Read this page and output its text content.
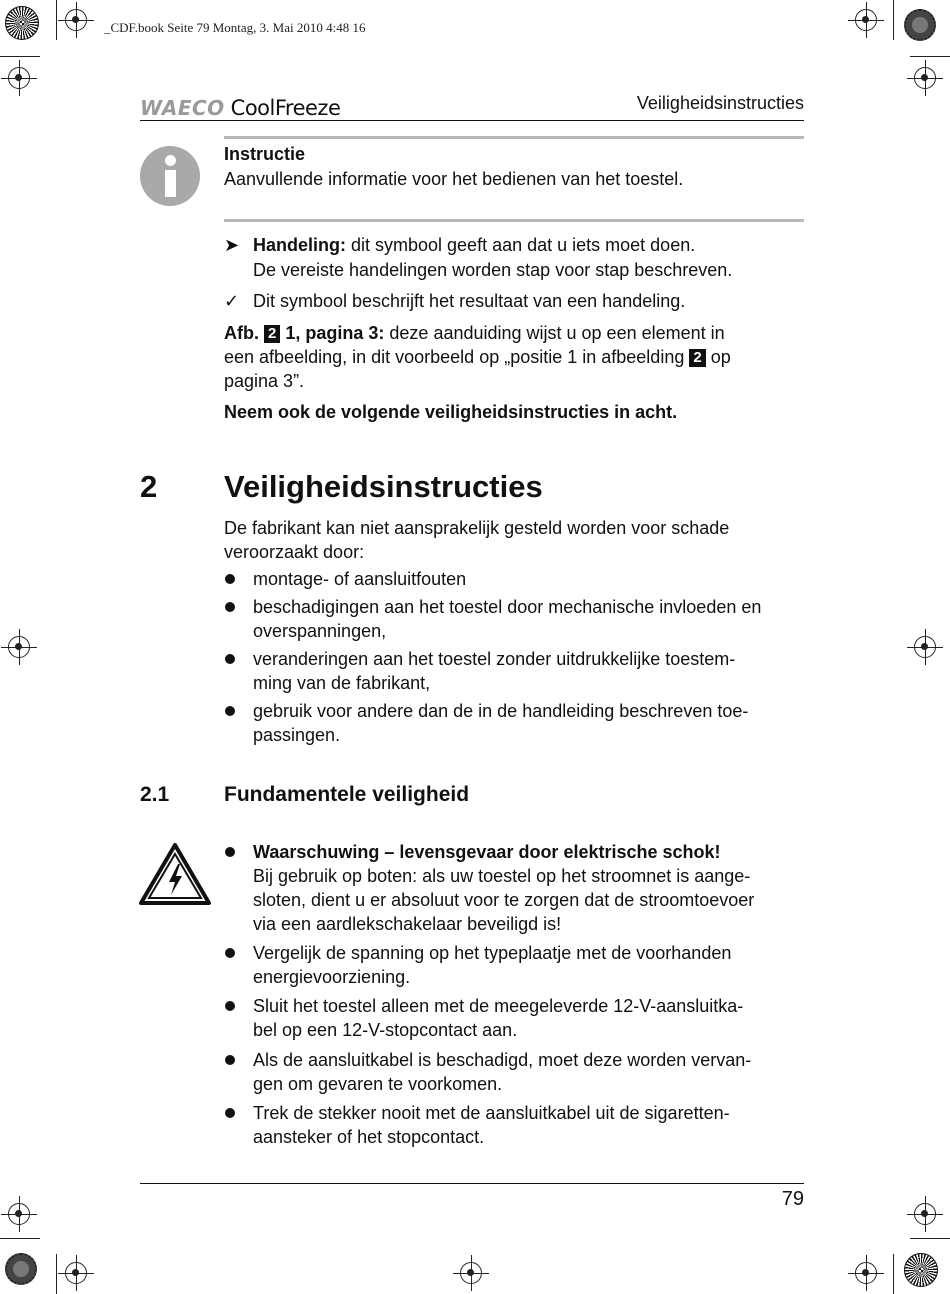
_CDF.book Seite 79 Montag, 3. Mai 2010 4:48 16
WAECO CoolFreeze	Veiligheidsinstructies
Instructie
Aanvullende informatie voor het bedienen van het toestel.
➤ Handeling: dit symbool geeft aan dat u iets moet doen.
De vereiste handelingen worden stap voor stap beschreven.
✓ Dit symbool beschrijft het resultaat van een handeling.
Afb. 2 1, pagina 3: deze aanduiding wijst u op een element in
een afbeelding, in dit voorbeeld op „positie 1 in afbeelding 2 op
pagina 3”.
Neem ook de volgende veiligheidsinstructies in acht.
2 Veiligheidsinstructies
De fabrikant kan niet aansprakelijk gesteld worden voor schade
veroorzaakt door:
montage- of aansluitfouten
beschadigingen aan het toestel door mechanische invloeden en
overspanningen,
veranderingen aan het toestel zonder uitdrukkelijke toestem-
ming van de fabrikant,
gebruik voor andere dan de in de handleiding beschreven toe-
passingen.
2.1	Fundamentele veiligheid
Waarschuwing – levensgevaar door elektrische schok!
Bij gebruik op boten: als uw toestel op het stroomnet is aange-
sloten, dient u er absoluut voor te zorgen dat de stroomtoevoer
via een aardlekschakelaar beveiligd is!
Vergelijk de spanning op het typeplaatje met de voorhanden
energievoorziening.
Sluit het toestel alleen met de meegeleverde 12-V-aansluitka-
bel op een 12-V-stopcontact aan.
Als de aansluitkabel is beschadigd, moet deze worden vervan-
gen om gevaren te voorkomen.
Trek de stekker nooit met de aansluitkabel uit de sigaretten-
aansteker of het stopcontact.
79
